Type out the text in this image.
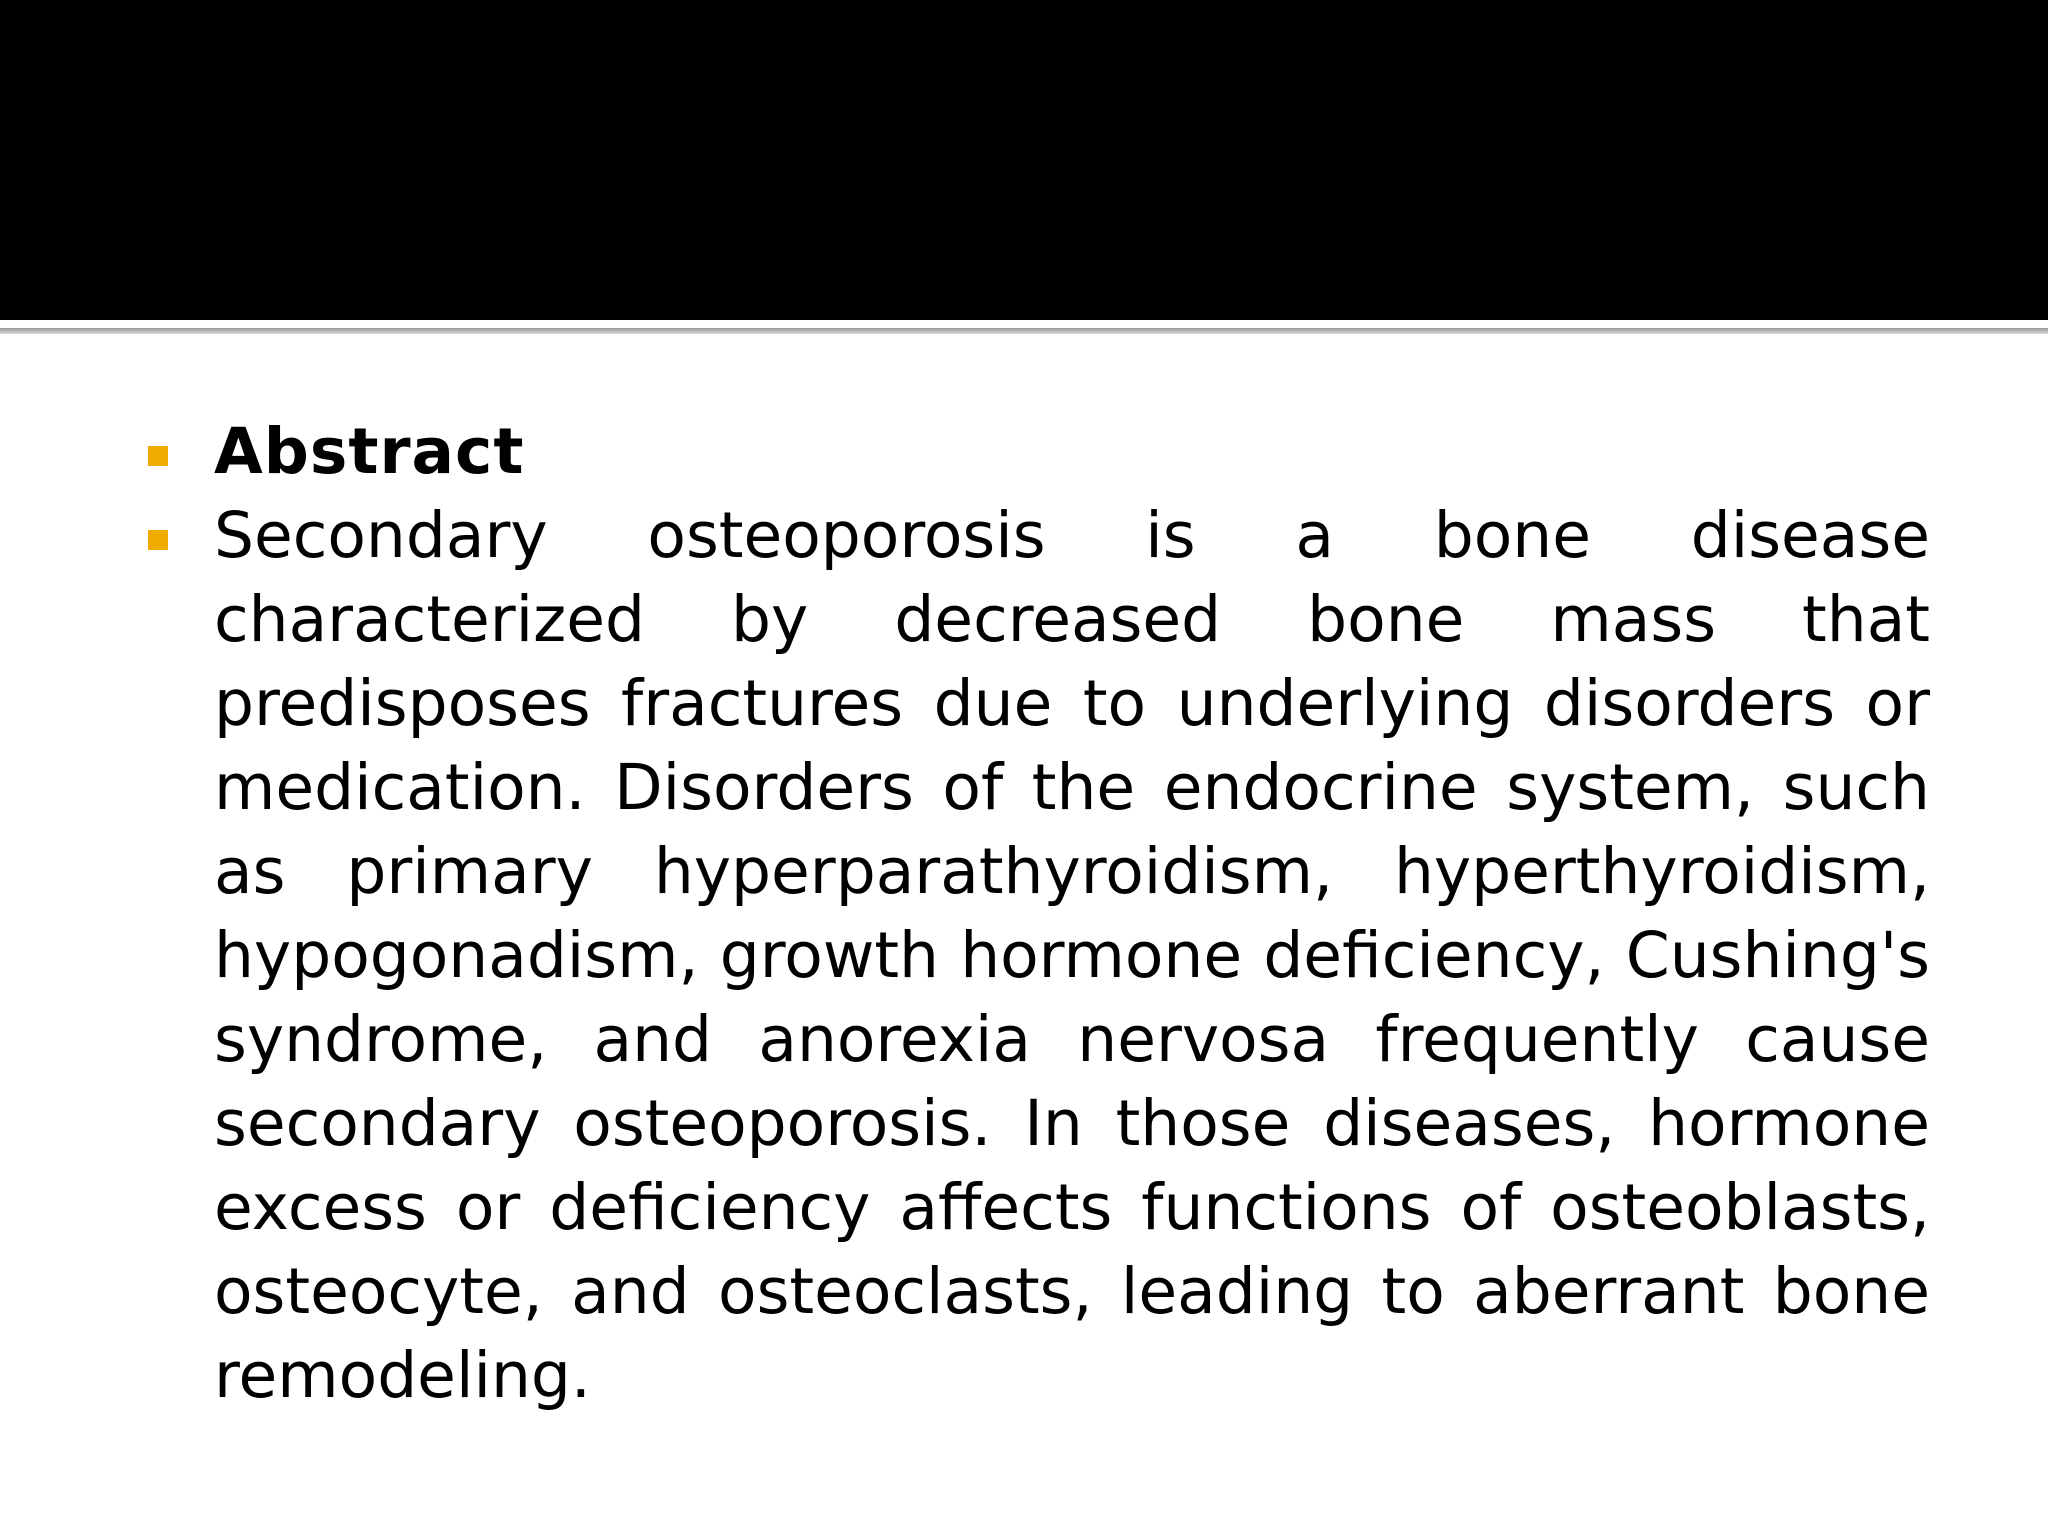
Abstract
Secondary osteoporosis is a bone disease characterized by decreased bone mass that predisposes fractures due to underlying disorders or medication. Disorders of the endocrine system, such as primary hyperparathyroidism, hyperthyroidism, hypogonadism, growth hormone deficiency, Cushing's syndrome, and anorexia nervosa frequently cause secondary osteoporosis. In those diseases, hormone excess or deficiency affects functions of osteoblasts, osteocyte, and osteoclasts, leading to aberrant bone remodeling.
